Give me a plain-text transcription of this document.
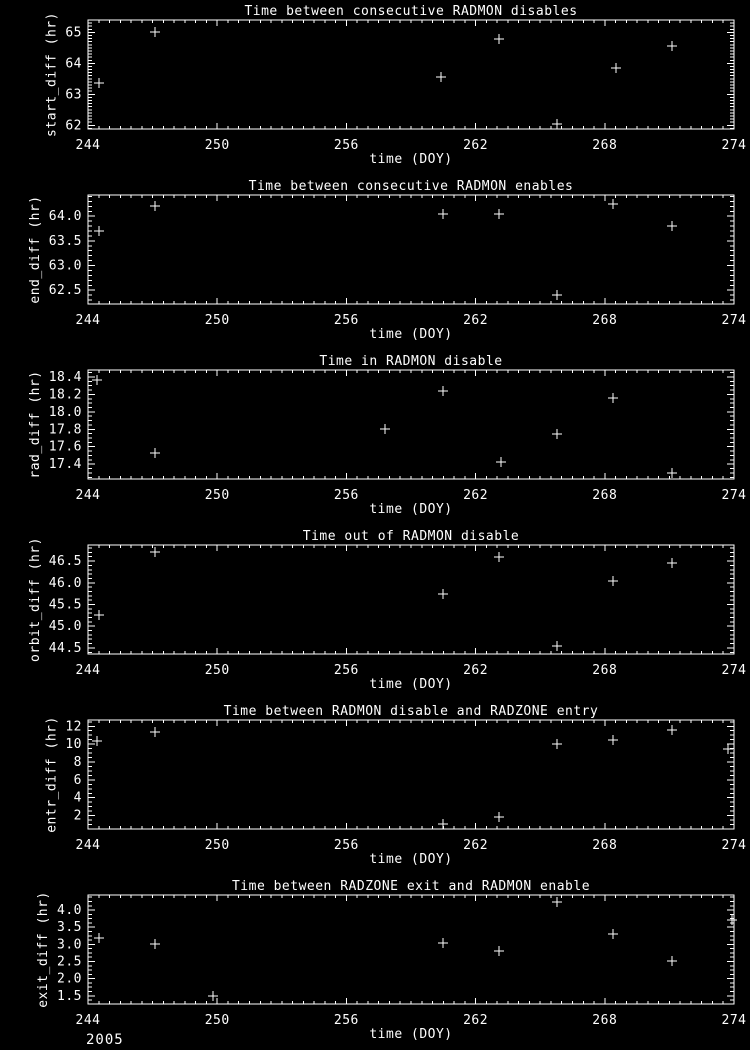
244	250	256	262	268	274
62
63
64
65
Time between consecutive RADMON disables
time (DOY)
start_diff (hr)
244	250	256	262	268	274
62.5
63.0
63.5
64.0
Time between consecutive RADMON enables
time (DOY)
end_diff (hr)
244	250	256	262	268	274
17.4
17.6
17.8
18.0
18.2
18.4
Time in RADMON disable
time (DOY)
rad_diff (hr)
244	250	256	262	268	274
44.5
45.0
45.5
46.0
46.5
Time out of RADMON disable
time (DOY)
orbit_diff (hr)
244	250	256	262	268	274
2
4
6
8
10
12
Time between RADMON disable and RADZONE entry
time (DOY)
entr_diff (hr)
244	250	256	262	268	274
1.5
2.0
2.5
3.0
3.5
4.0
Time between RADZONE exit and RADMON enable
time (DOY)
exit_diff (hr)
2005
